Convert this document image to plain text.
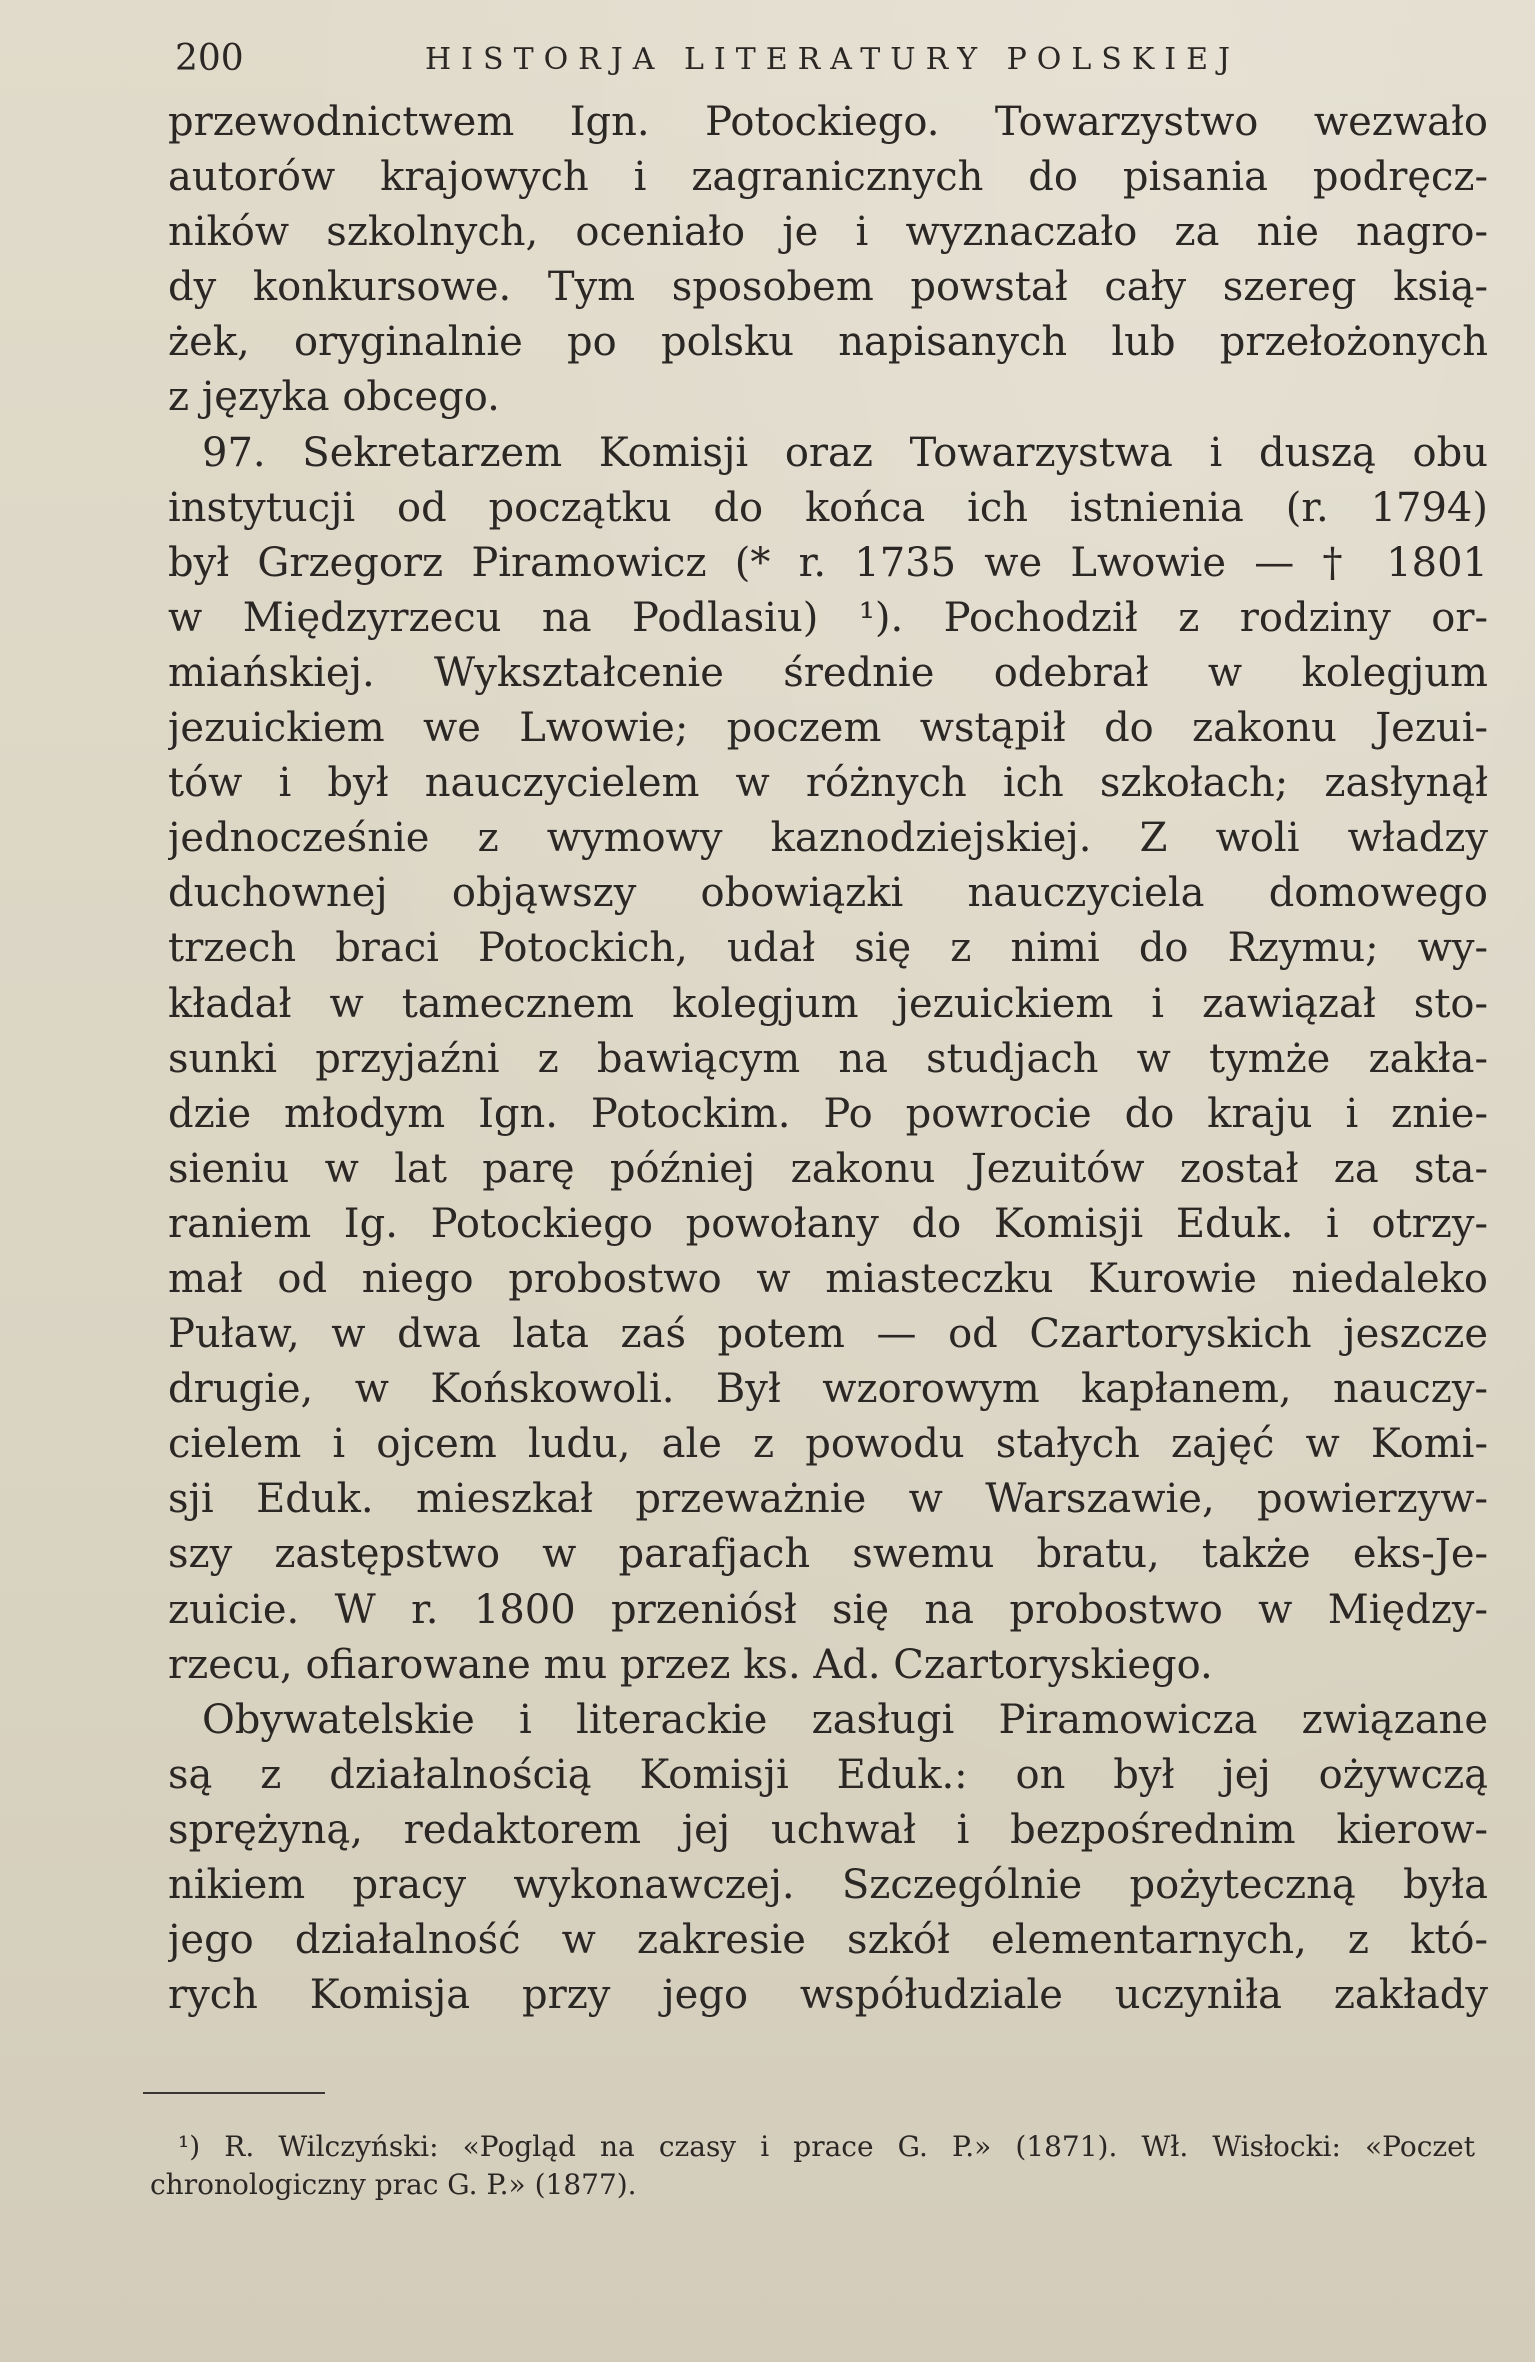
200	HISTORJA LITERATURY POLSKIEJ
przewodnictwem Ign. Potockiego. Towarzystwo wezwało
autorów krajowych i zagranicznych do pisania podręcz-
ników szkolnych, oceniało je i wyznaczało za nie nagro-
dy konkursowe. Tym sposobem powstał cały szereg ksią-
żek, oryginalnie po polsku napisanych lub przełożonych
z języka obcego.
97. Sekretarzem Komisji oraz Towarzystwa i duszą obu
instytucji od początku do końca ich istnienia (r. 1794)
był Grzegorz Piramowicz (* r. 1735 we Lwowie — † 1801
w Międzyrzecu na Podlasiu) ¹). Pochodził z rodziny or-
miańskiej. Wykształcenie średnie odebrał w kolegjum
jezuickiem we Lwowie; poczem wstąpił do zakonu Jezui-
tów i był nauczycielem w różnych ich szkołach; zasłynął
jednocześnie z wymowy kaznodziejskiej. Z woli władzy
duchownej objąwszy obowiązki nauczyciela domowego
trzech braci Potockich, udał się z nimi do Rzymu; wy-
kładał w tamecznem kolegjum jezuickiem i zawiązał sto-
sunki przyjaźni z bawiącym na studjach w tymże zakła-
dzie młodym Ign. Potockim. Po powrocie do kraju i znie-
sieniu w lat parę później zakonu Jezuitów został za sta-
raniem Ig. Potockiego powołany do Komisji Eduk. i otrzy-
mał od niego probostwo w miasteczku Kurowie niedaleko
Puław, w dwa lata zaś potem — od Czartoryskich jeszcze
drugie, w Końskowoli. Był wzorowym kapłanem, nauczy-
cielem i ojcem ludu, ale z powodu stałych zajęć w Komi-
sji Eduk. mieszkał przeważnie w Warszawie, powierzyw-
szy zastępstwo w parafjach swemu bratu, także eks-Je-
zuicie. W r. 1800 przeniósł się na probostwo w Między-
rzecu, ofiarowane mu przez ks. Ad. Czartoryskiego.
Obywatelskie i literackie zasługi Piramowicza związane
są z działalnością Komisji Eduk.: on był jej ożywczą
sprężyną, redaktorem jej uchwał i bezpośrednim kierow-
nikiem pracy wykonawczej. Szczególnie pożyteczną była
jego działalność w zakresie szkół elementarnych, z któ-
rych Komisja przy jego współudziale uczyniła zakłady
¹) R. Wilczyński: «Pogląd na czasy i prace G. P.» (1871). Wł. Wisłocki: «Poczet
chronologiczny prac G. P.» (1877).
